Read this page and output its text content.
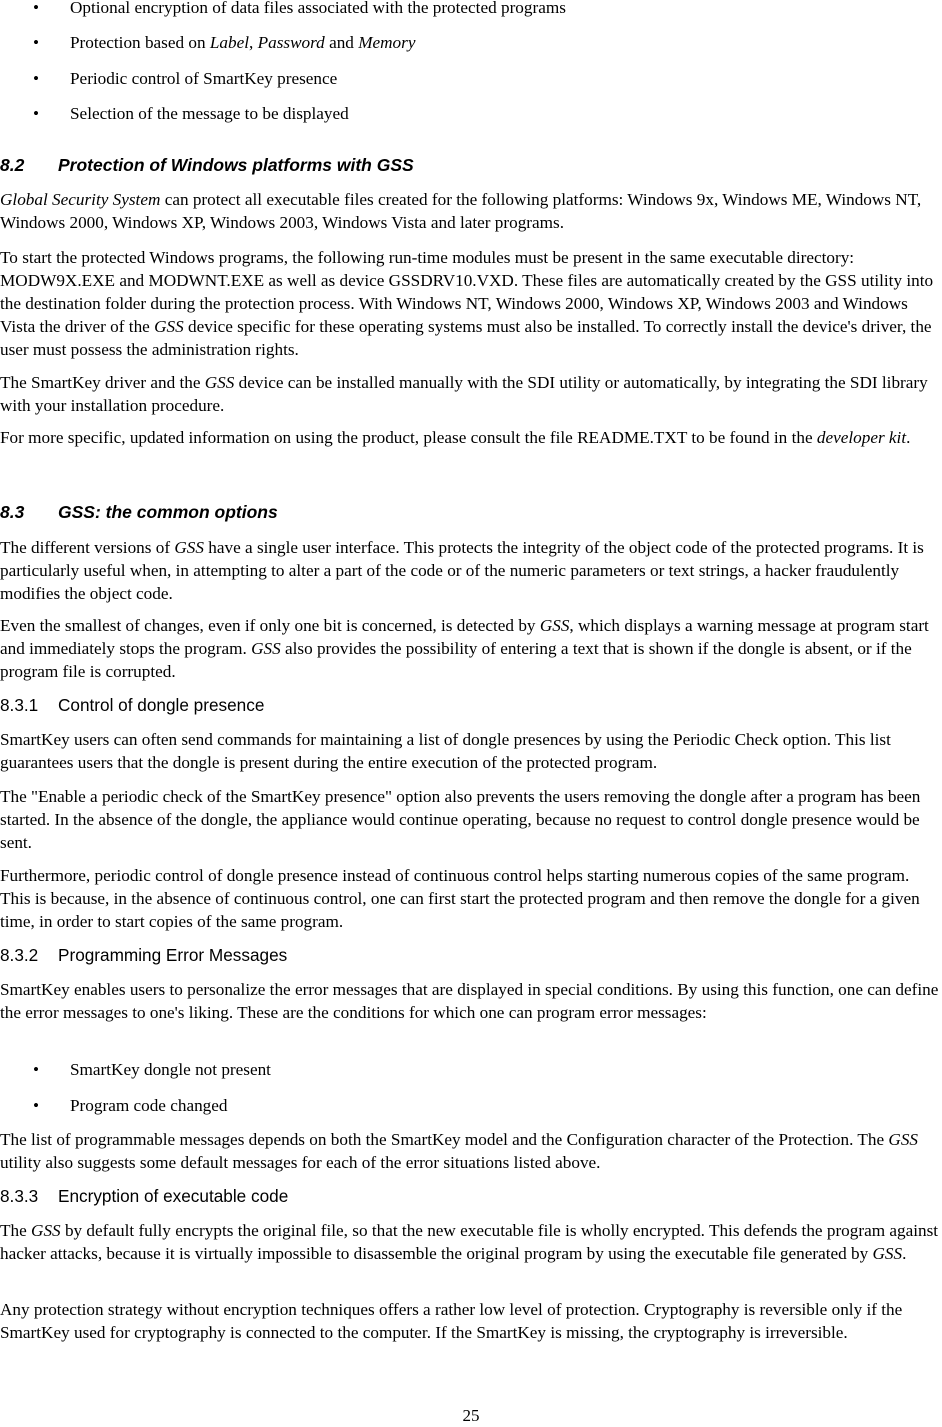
• Optional encryption of data files associated with the protected programs
• Protection based on Label, Password and Memory
• Periodic control of SmartKey presence
• Selection of the message to be displayed
8.2 Protection of Windows platforms with GSS

Global Security System can protect all executable files created for the following platforms: Windows 9x, Windows ME, Windows NT, Windows 2000, Windows XP, Windows 2003, Windows Vista and later programs.

To start the protected Windows programs, the following run-time modules must be present in the same executable directory: MODW9X.EXE and MODWNT.EXE as well as device GSSDRV10.VXD. These files are automatically created by the GSS utility into the destination folder during the protection process. With Windows NT, Windows 2000, Windows XP, Windows 2003 and Windows Vista the driver of the GSS device specific for these operating systems must also be installed. To correctly install the device's driver, the user must possess the administration rights.

The SmartKey driver and the GSS device can be installed manually with the SDI utility or automatically, by integrating the SDI library with your installation procedure.

For more specific, updated information on using the product, please consult the file README.TXT to be found in the developer kit.

8.3 GSS: the common options

The different versions of GSS have a single user interface. This protects the integrity of the object code of the protected programs. It is particularly useful when, in attempting to alter a part of the code or of the numeric parameters or text strings, a hacker fraudulently modifies the object code.

Even the smallest of changes, even if only one bit is concerned, is detected by GSS, which displays a warning message at program start and immediately stops the program. GSS also provides the possibility of entering a text that is shown if the dongle is absent, or if the program file is corrupted.

8.3.1 Control of dongle presence

SmartKey users can often send commands for maintaining a list of dongle presences by using the Periodic Check option. This list guarantees users that the dongle is present during the entire execution of the protected program.

The "Enable a periodic check of the SmartKey presence" option also prevents the users removing the dongle after a program has been started. In the absence of the dongle, the appliance would continue operating, because no request to control dongle presence would be sent.

Furthermore, periodic control of dongle presence instead of continuous control helps starting numerous copies of the same program. This is because, in the absence of continuous control, one can first start the protected program and then remove the dongle for a given time, in order to start copies of the same program.

8.3.2 Programming Error Messages

SmartKey enables users to personalize the error messages that are displayed in special conditions. By using this function, one can define the error messages to one's liking. These are the conditions for which one can program error messages:

• SmartKey dongle not present
• Program code changed

The list of programmable messages depends on both the SmartKey model and the Configuration character of the Protection. The GSS utility also suggests some default messages for each of the error situations listed above.

8.3.3 Encryption of executable code

The GSS by default fully encrypts the original file, so that the new executable file is wholly encrypted. This defends the program against hacker attacks, because it is virtually impossible to disassemble the original program by using the executable file generated by GSS.

Any protection strategy without encryption techniques offers a rather low level of protection. Cryptography is reversible only if the SmartKey used for cryptography is connected to the computer. If the SmartKey is missing, the cryptography is irreversible.

25
